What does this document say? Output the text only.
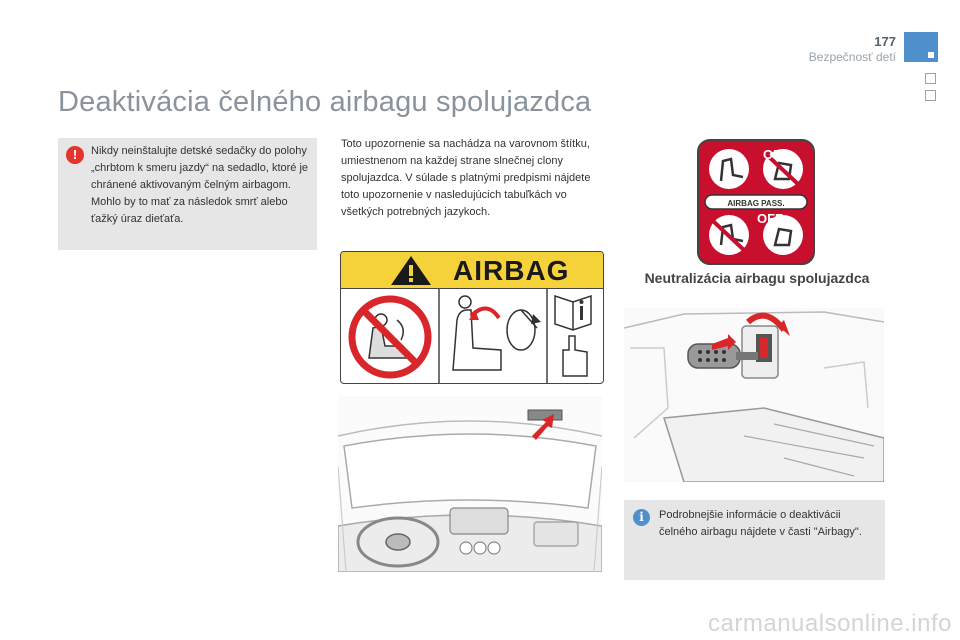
177
Bezpečnosť detí
Deaktivácia čelného airbagu spolujazdca
!	Nikdy neinštalujte detské sedačky do polohy „chrbtom k smeru jazdy“ na sedadlo, ktoré je chránené aktivovaným čelným airbagom. Mohlo by to mať za následok smrť alebo ťažký úraz dieťaťa.
Toto upozornenie sa nachádza na varovnom štítku, umiestnenom na každej strane slnečnej clony spolujazdca. V súlade s platnými predpismi nájdete toto upozornenie v nasledujúcich tabuľkách vo všetkých potrebných jazykoch.
AIRBAG
ON
AIRBAG PASS.
OFF
Neutralizácia airbagu spolujazdca
i	Podrobnejšie informácie o deaktivácii čelného airbagu nájdete v časti "Airbagy".
carmanualsonline.info
